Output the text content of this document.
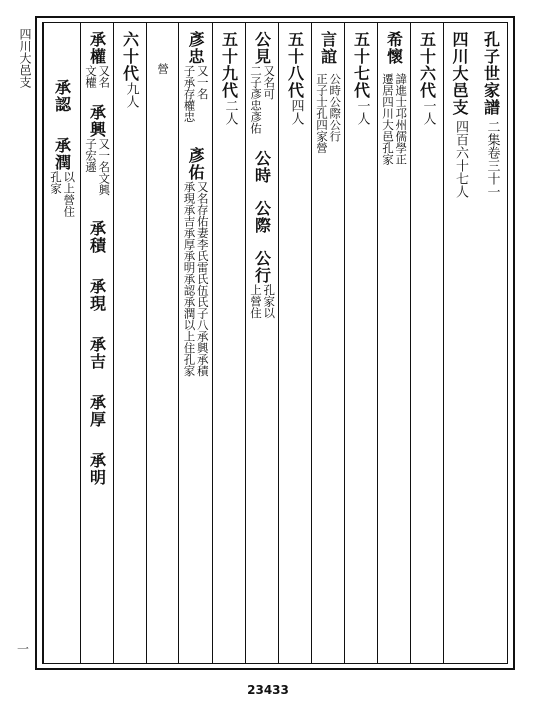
四川大邑支
一
孔子世家譜
二集卷三十一
四川大邑支
四百六十七人
五十六代
一人
希懷
諱進士邛州儒學正
遷居四川大邑孔家
五十七代
一人
言誼
公時公際公行
正子士孔四家營
五十八代
四人
公見
又名可
二子彥忠彥佑
公時
公際
公行
孔家以上營住
五十九代
二人
彥忠
又一名
子承存權忠
彥佑
又名存佑妻李氏雷氏伍氏子八承興承積
承現承吉承厚承明承認承潤以上住孔家
營
六十代
九人
承權
又名
文權
承興
又一名文興
子宏遜
承積
承現
承吉
承厚
承明
承認
承潤
以上營住
孔家
23433
